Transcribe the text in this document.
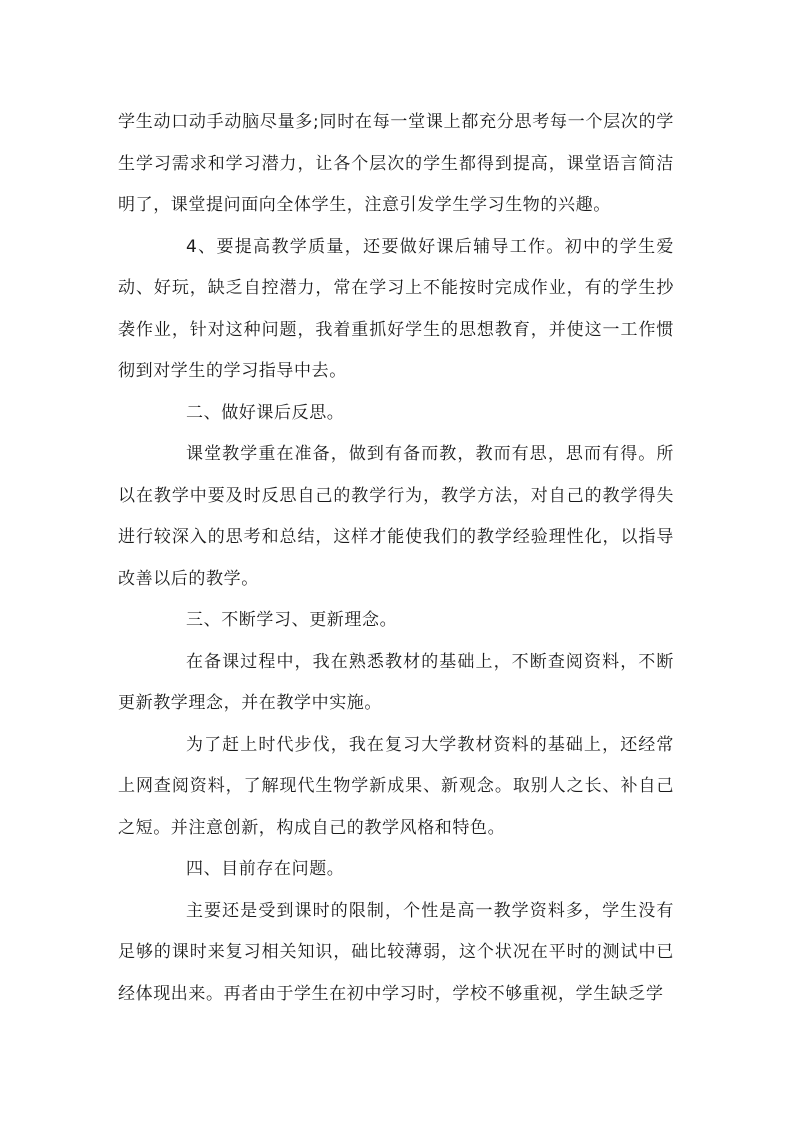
学生动口动手动脑尽量多;同时在每一堂课上都充分思考每一个层次的学生学习需求和学习潜力，让各个层次的学生都得到提高，课堂语言简洁明了，课堂提问面向全体学生，注意引发学生学习生物的兴趣。

4、要提高教学质量，还要做好课后辅导工作。初中的学生爱动、好玩，缺乏自控潜力，常在学习上不能按时完成作业，有的学生抄袭作业，针对这种问题，我着重抓好学生的思想教育，并使这一工作惯彻到对学生的学习指导中去。

二、做好课后反思。

课堂教学重在准备，做到有备而教，教而有思，思而有得。所以在教学中要及时反思自己的教学行为，教学方法，对自己的教学得失进行较深入的思考和总结，这样才能使我们的教学经验理性化，以指导改善以后的教学。

三、不断学习、更新理念。

在备课过程中，我在熟悉教材的基础上，不断查阅资料，不断更新教学理念，并在教学中实施。

为了赶上时代步伐，我在复习大学教材资料的基础上，还经常上网查阅资料，了解现代生物学新成果、新观念。取别人之长、补自己之短。并注意创新，构成自己的教学风格和特色。

四、目前存在问题。

主要还是受到课时的限制，个性是高一教学资料多，学生没有足够的课时来复习相关知识，础比较薄弱，这个状况在平时的测试中已经体现出来。再者由于学生在初中学习时，学校不够重视，学生缺乏学
